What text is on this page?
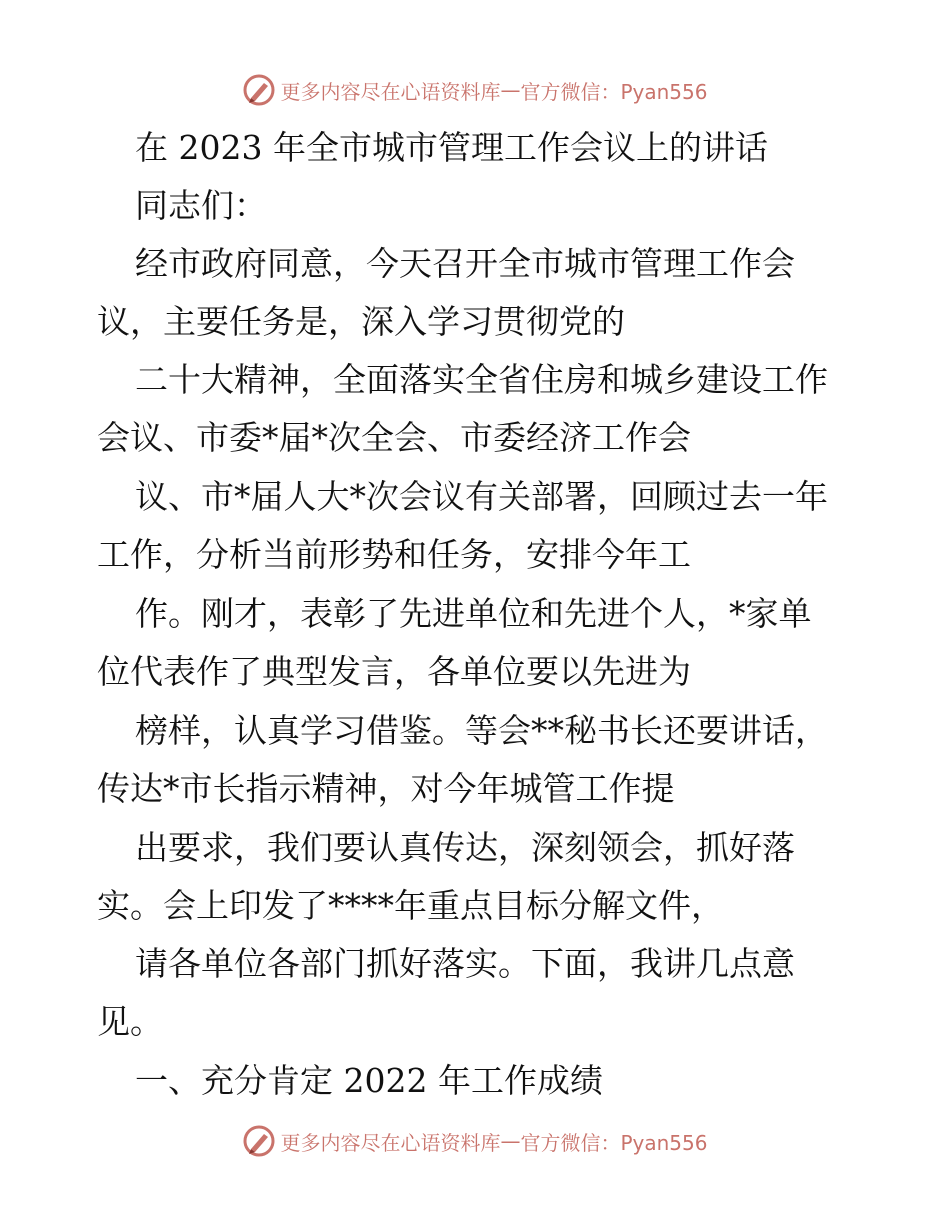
更多内容尽在心语资料库 — 官方微信：Pyan556
在 2023 年全市城市管理工作会议上的讲话
同志们：
经市政府同意，今天召开全市城市管理工作会
议，主要任务是，深入学习贯彻党的
二十大精神，全面落实全省住房和城乡建设工作
会议、市委*届*次全会、市委经济工作会
议、市*届人大*次会议有关部署，回顾过去一年
工作，分析当前形势和任务，安排今年工
作。刚才，表彰了先进单位和先进个人，*家单
位代表作了典型发言，各单位要以先进为
榜样，认真学习借鉴。等会**秘书长还要讲话，
传达*市长指示精神，对今年城管工作提
出要求，我们要认真传达，深刻领会，抓好落
实。会上印发了****年重点目标分解文件，
请各单位各部门抓好落实。下面，我讲几点意
见。
一、充分肯定 2022 年工作成绩
更多内容尽在心语资料库 — 官方微信：Pyan556
